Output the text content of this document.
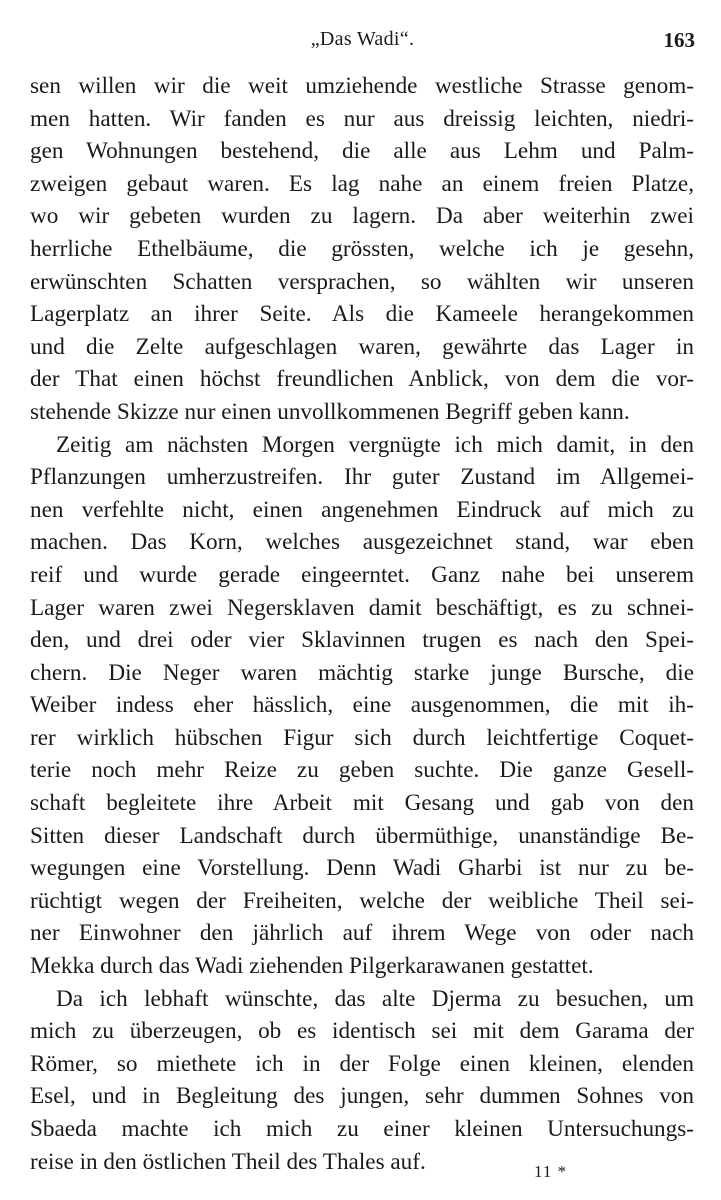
„Das Wadi“.	163
sen willen wir die weit umziehende westliche Strasse genom-
men hatten. Wir fanden es nur aus dreissig leichten, niedri-
gen Wohnungen bestehend, die alle aus Lehm und Palm-
zweigen gebaut waren. Es lag nahe an einem freien Platze,
wo wir gebeten wurden zu lagern. Da aber weiterhin zwei
herrliche Ethelbäume, die grössten, welche ich je gesehn,
erwünschten Schatten versprachen, so wählten wir unseren
Lagerplatz an ihrer Seite. Als die Kameele herangekommen
und die Zelte aufgeschlagen waren, gewährte das Lager in
der That einen höchst freundlichen Anblick, von dem die vor-
stehende Skizze nur einen unvollkommenen Begriff geben kann.
Zeitig am nächsten Morgen vergnügte ich mich damit, in den
Pflanzungen umherzustreifen. Ihr guter Zustand im Allgemei-
nen verfehlte nicht, einen angenehmen Eindruck auf mich zu
machen. Das Korn, welches ausgezeichnet stand, war eben
reif und wurde gerade eingeerntet. Ganz nahe bei unserem
Lager waren zwei Negersklaven damit beschäftigt, es zu schnei-
den, und drei oder vier Sklavinnen trugen es nach den Spei-
chern. Die Neger waren mächtig starke junge Bursche, die
Weiber indess eher hässlich, eine ausgenommen, die mit ih-
rer wirklich hübschen Figur sich durch leichtfertige Coquet-
terie noch mehr Reize zu geben suchte. Die ganze Gesell-
schaft begleitete ihre Arbeit mit Gesang und gab von den
Sitten dieser Landschaft durch übermüthige, unanständige Be-
wegungen eine Vorstellung. Denn Wadi Gharbi ist nur zu be-
rüchtigt wegen der Freiheiten, welche der weibliche Theil sei-
ner Einwohner den jährlich auf ihrem Wege von oder nach
Mekka durch das Wadi ziehenden Pilgerkarawanen gestattet.
Da ich lebhaft wünschte, das alte Djerma zu besuchen, um
mich zu überzeugen, ob es identisch sei mit dem Garama der
Römer, so miethete ich in der Folge einen kleinen, elenden
Esel, und in Begleitung des jungen, sehr dummen Sohnes von
Sbaeda machte ich mich zu einer kleinen Untersuchungs-
reise in den östlichen Theil des Thales auf.	11 *
